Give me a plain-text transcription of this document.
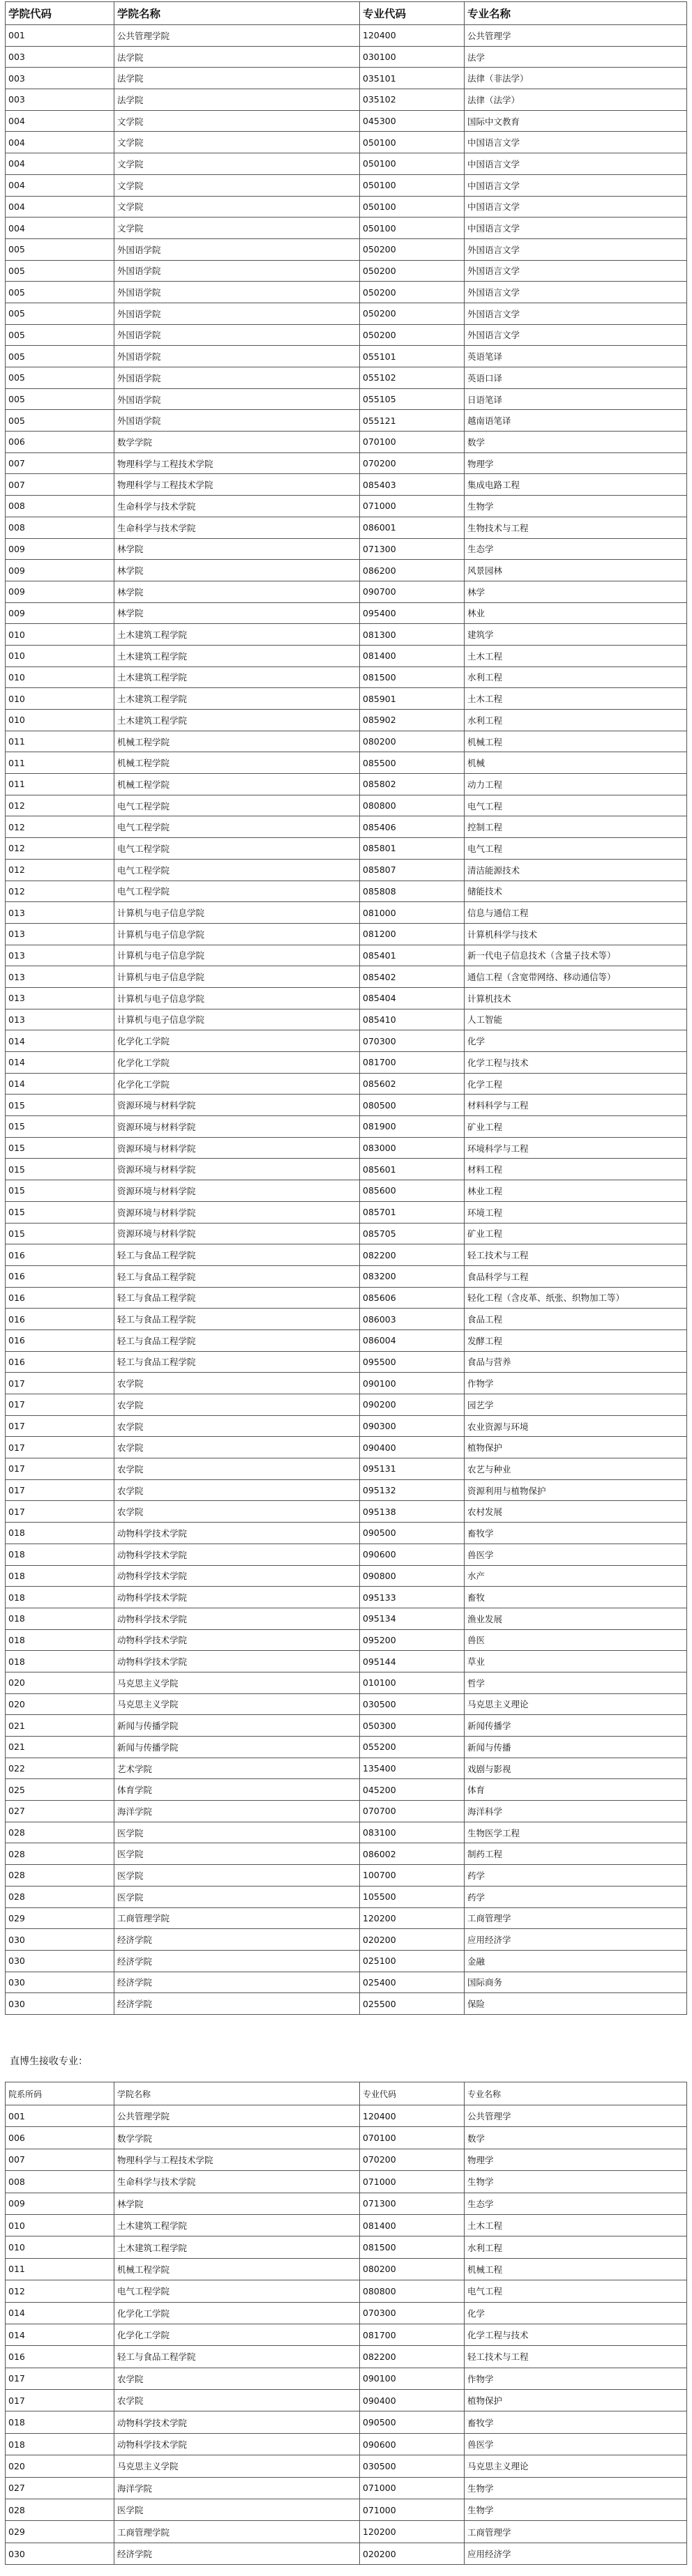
学院代码	学院名称	专业代码	专业名称
001	公共管理学院	120400	公共管理学
003	法学院	030100	法学
003	法学院	035101	法律（非法学）
003	法学院	035102	法律（法学）
004	文学院	045300	国际中文教育
004	文学院	050100	中国语言文学
004	文学院	050100	中国语言文学
004	文学院	050100	中国语言文学
004	文学院	050100	中国语言文学
004	文学院	050100	中国语言文学
005	外国语学院	050200	外国语言文学
005	外国语学院	050200	外国语言文学
005	外国语学院	050200	外国语言文学
005	外国语学院	050200	外国语言文学
005	外国语学院	050200	外国语言文学
005	外国语学院	055101	英语笔译
005	外国语学院	055102	英语口译
005	外国语学院	055105	日语笔译
005	外国语学院	055121	越南语笔译
006	数学学院	070100	数学
007	物理科学与工程技术学院	070200	物理学
007	物理科学与工程技术学院	085403	集成电路工程
008	生命科学与技术学院	071000	生物学
008	生命科学与技术学院	086001	生物技术与工程
009	林学院	071300	生态学
009	林学院	086200	风景园林
009	林学院	090700	林学
009	林学院	095400	林业
010	土木建筑工程学院	081300	建筑学
010	土木建筑工程学院	081400	土木工程
010	土木建筑工程学院	081500	水利工程
010	土木建筑工程学院	085901	土木工程
010	土木建筑工程学院	085902	水利工程
011	机械工程学院	080200	机械工程
011	机械工程学院	085500	机械
011	机械工程学院	085802	动力工程
012	电气工程学院	080800	电气工程
012	电气工程学院	085406	控制工程
012	电气工程学院	085801	电气工程
012	电气工程学院	085807	清洁能源技术
012	电气工程学院	085808	储能技术
013	计算机与电子信息学院	081000	信息与通信工程
013	计算机与电子信息学院	081200	计算机科学与技术
013	计算机与电子信息学院	085401	新一代电子信息技术（含量子技术等）
013	计算机与电子信息学院	085402	通信工程（含宽带网络、移动通信等）
013	计算机与电子信息学院	085404	计算机技术
013	计算机与电子信息学院	085410	人工智能
014	化学化工学院	070300	化学
014	化学化工学院	081700	化学工程与技术
014	化学化工学院	085602	化学工程
015	资源环境与材料学院	080500	材料科学与工程
015	资源环境与材料学院	081900	矿业工程
015	资源环境与材料学院	083000	环境科学与工程
015	资源环境与材料学院	085601	材料工程
015	资源环境与材料学院	085600	林业工程
015	资源环境与材料学院	085701	环境工程
015	资源环境与材料学院	085705	矿业工程
016	轻工与食品工程学院	082200	轻工技术与工程
016	轻工与食品工程学院	083200	食品科学与工程
016	轻工与食品工程学院	085606	轻化工程（含皮革、纸张、织物加工等）
016	轻工与食品工程学院	086003	食品工程
016	轻工与食品工程学院	086004	发酵工程
016	轻工与食品工程学院	095500	食品与营养
017	农学院	090100	作物学
017	农学院	090200	园艺学
017	农学院	090300	农业资源与环境
017	农学院	090400	植物保护
017	农学院	095131	农艺与种业
017	农学院	095132	资源利用与植物保护
017	农学院	095138	农村发展
018	动物科学技术学院	090500	畜牧学
018	动物科学技术学院	090600	兽医学
018	动物科学技术学院	090800	水产
018	动物科学技术学院	095133	畜牧
018	动物科学技术学院	095134	渔业发展
018	动物科学技术学院	095200	兽医
018	动物科学技术学院	095144	草业
020	马克思主义学院	010100	哲学
020	马克思主义学院	030500	马克思主义理论
021	新闻与传播学院	050300	新闻传播学
021	新闻与传播学院	055200	新闻与传播
022	艺术学院	135400	戏剧与影视
025	体育学院	045200	体育
027	海洋学院	070700	海洋科学
028	医学院	083100	生物医学工程
028	医学院	086002	制药工程
028	医学院	100700	药学
028	医学院	105500	药学
029	工商管理学院	120200	工商管理学
030	经济学院	020200	应用经济学
030	经济学院	025100	金融
030	经济学院	025400	国际商务
030	经济学院	025500	保险

直博生接收专业：

院系所码	学院名称	专业代码	专业名称
001	公共管理学院	120400	公共管理学
006	数学学院	070100	数学
007	物理科学与工程技术学院	070200	物理学
008	生命科学与技术学院	071000	生物学
009	林学院	071300	生态学
010	土木建筑工程学院	081400	土木工程
010	土木建筑工程学院	081500	水利工程
011	机械工程学院	080200	机械工程
012	电气工程学院	080800	电气工程
014	化学化工学院	070300	化学
014	化学化工学院	081700	化学工程与技术
016	轻工与食品工程学院	082200	轻工技术与工程
017	农学院	090100	作物学
017	农学院	090400	植物保护
018	动物科学技术学院	090500	畜牧学
018	动物科学技术学院	090600	兽医学
020	马克思主义学院	030500	马克思主义理论
027	海洋学院	071000	生物学
028	医学院	071000	生物学
029	工商管理学院	120200	工商管理学
030	经济学院	020200	应用经济学
